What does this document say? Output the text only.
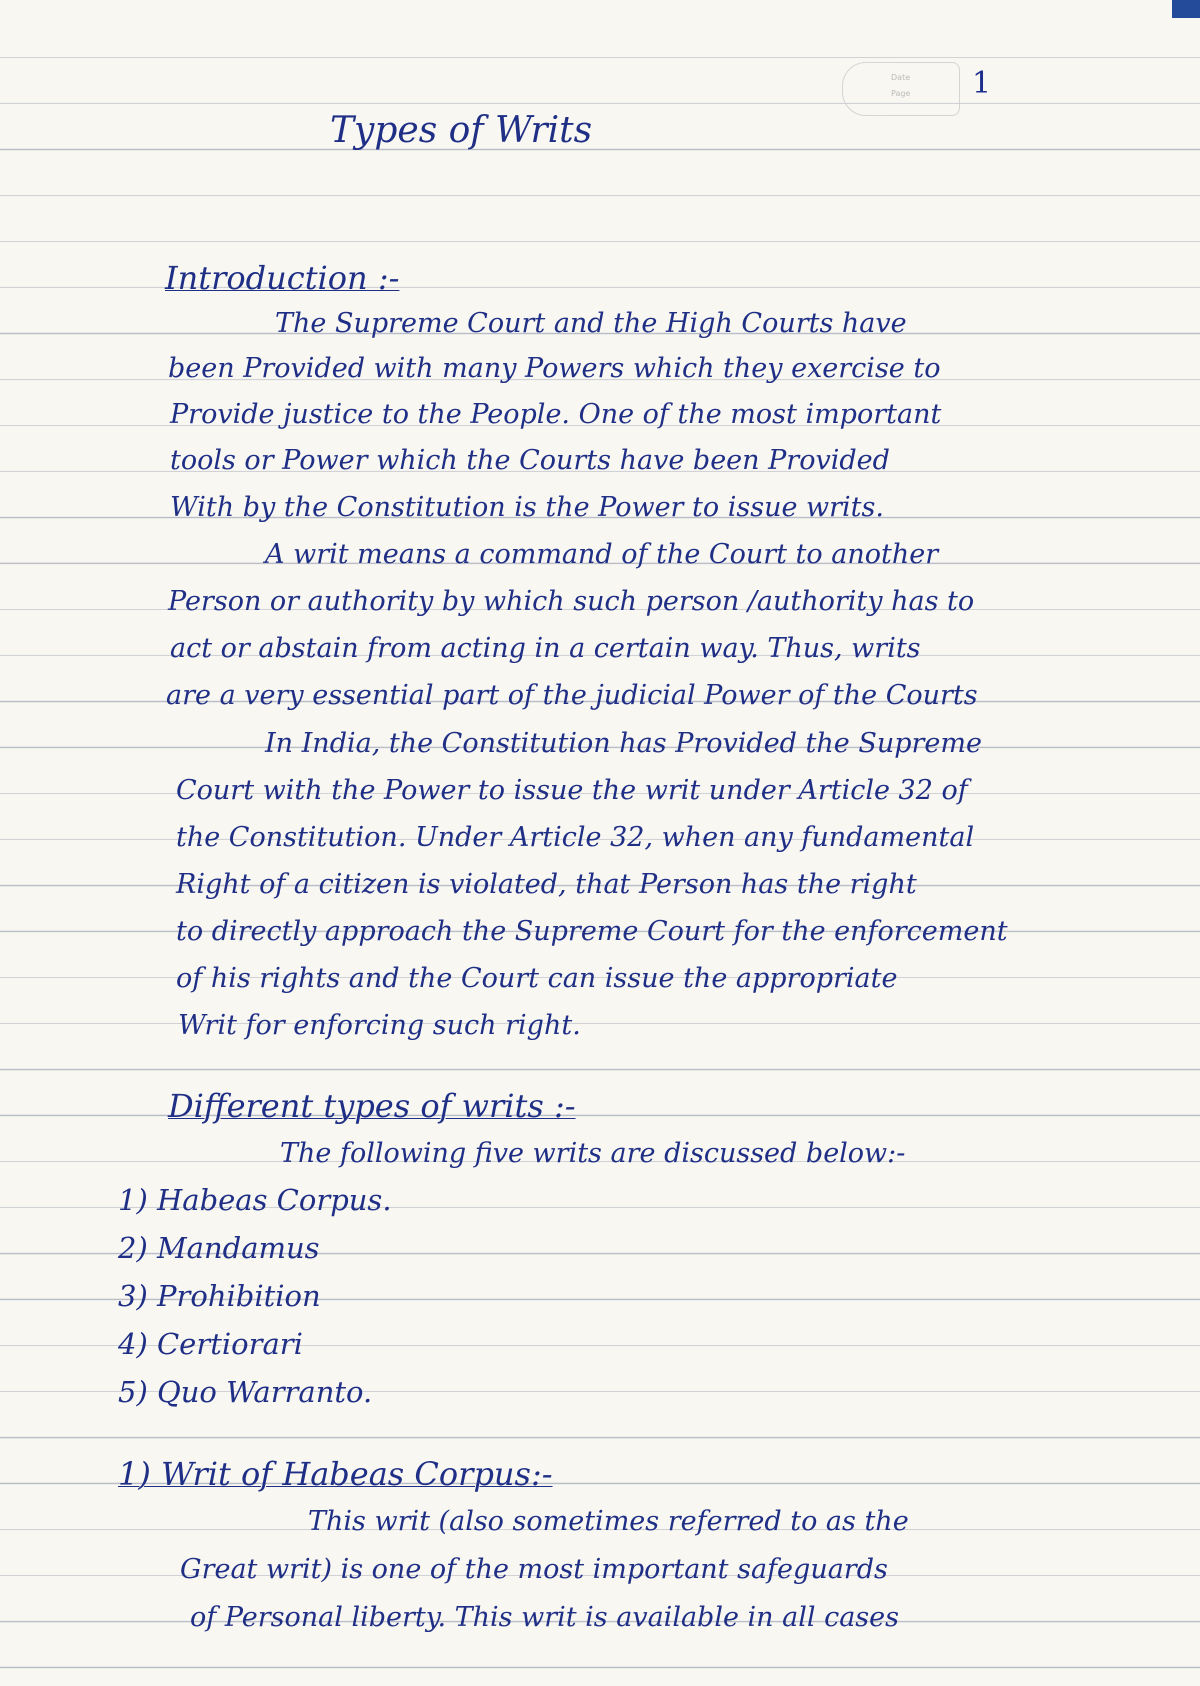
Date
Page 1
Types of Writs
Introduction :-
The Supreme Court and the High Courts have
been Provided with many Powers which they exercise to
Provide justice to the People. One of the most important
tools or Power which the Courts have been Provided
With by the Constitution is the Power to issue writs.
A writ means a command of the Court to another
Person or authority by which such person /authority has to
act or abstain from acting in a certain way. Thus, writs
are a very essential part of the judicial Power of the Courts
In India, the Constitution has Provided the Supreme
Court with the Power to issue the writ under Article 32 of
the Constitution. Under Article 32, when any fundamental
Right of a citizen is violated, that Person has the right
to directly approach the Supreme Court for the enforcement
of his rights and the Court can issue the appropriate
Writ for enforcing such right.
Different types of writs :-
The following five writs are discussed below:-
1) Habeas Corpus.
2) Mandamus
3) Prohibition
4) Certiorari
5) Quo Warranto.
1) Writ of Habeas Corpus:-
This writ (also sometimes referred to as the
Great writ) is one of the most important safeguards
of Personal liberty. This writ is available in all cases
